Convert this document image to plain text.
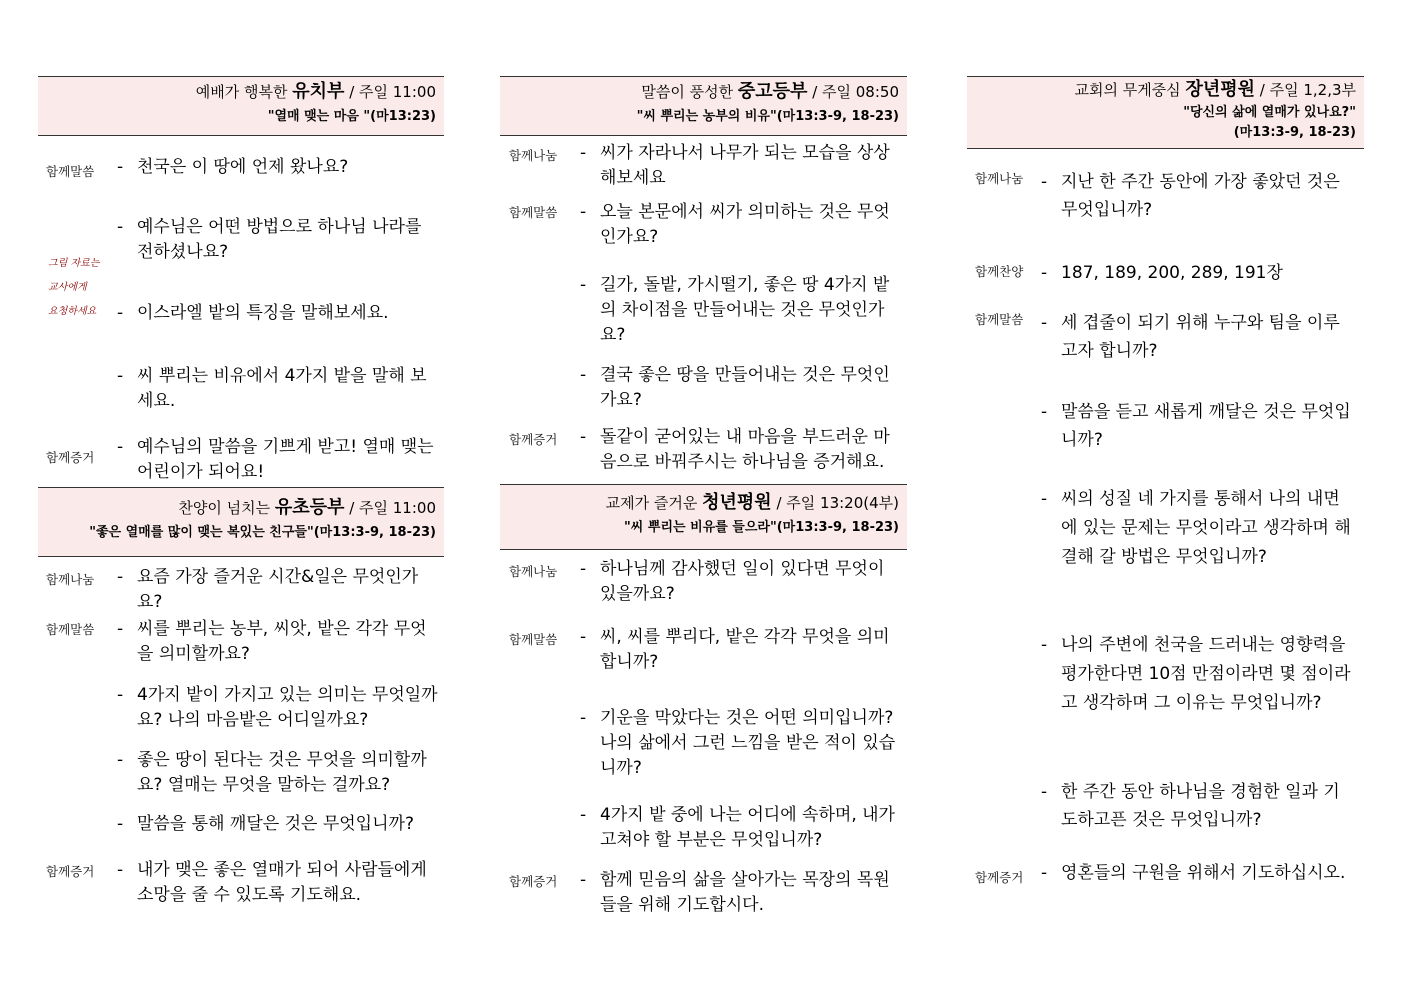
예배가 행복한 유치부 / 주일 11:00
"열매 맺는 마음 "(마13:23)
함께말씀
그림 자료는
교사에게
요청하세요
함께증거
- 천국은 이 땅에 언제 왔나요?
- 예수님은 어떤 방법으로 하나님 나라를 전하셨나요?
- 이스라엘 밭의 특징을 말해보세요.
- 씨 뿌리는 비유에서 4가지 밭을 말해 보세요.
- 예수님의 말씀을 기쁘게 받고! 열매 맺는 어린이가 되어요!
찬양이 넘치는 유초등부 / 주일 11:00
"좋은 열매를 많이 맺는 복있는 친구들"(마13:3-9, 18-23)
함께나눔
함께말씀
함께증거
- 요즘 가장 즐거운 시간&일은 무엇인가요?
- 씨를 뿌리는 농부, 씨앗, 밭은 각각 무엇을 의미할까요?
- 4가지 밭이 가지고 있는 의미는 무엇일까요? 나의 마음밭은 어디일까요?
- 좋은 땅이 된다는 것은 무엇을 의미할까요? 열매는 무엇을 말하는 걸까요?
- 말씀을 통해 깨달은 것은 무엇입니까?
- 내가 맺은 좋은 열매가 되어 사람들에게 소망을 줄 수 있도록 기도해요.
말씀이 풍성한 중고등부 / 주일 08:50
"씨 뿌리는 농부의 비유"(마13:3-9, 18-23)
함께나눔
함께말씀
함께증거
- 씨가 자라나서 나무가 되는 모습을 상상해보세요
- 오늘 본문에서 씨가 의미하는 것은 무엇인가요?
- 길가, 돌밭, 가시떨기, 좋은 땅 4가지 밭의 차이점을 만들어내는 것은 무엇인가요?
- 결국 좋은 땅을 만들어내는 것은 무엇인가요?
- 돌같이 굳어있는 내 마음을 부드러운 마음으로 바꿔주시는 하나님을 증거해요.
교제가 즐거운 청년평원 / 주일 13:20(4부)
"씨 뿌리는 비유를 들으라"(마13:3-9, 18-23)
함께나눔
함께말씀
함께증거
- 하나님께 감사했던 일이 있다면 무엇이 있을까요?
- 씨, 씨를 뿌리다, 밭은 각각 무엇을 의미합니까?
- 기운을 막았다는 것은 어떤 의미입니까? 나의 삶에서 그런 느낌을 받은 적이 있습니까?
- 4가지 밭 중에 나는 어디에 속하며, 내가 고쳐야 할 부분은 무엇입니까?
- 함께 믿음의 삶을 살아가는 목장의 목원들을 위해 기도합시다.
교회의 무게중심 장년평원 / 주일 1,2,3부
"당신의 삶에 열매가 있나요?"
(마13:3-9, 18-23)
함께나눔
함께찬양
함께말씀
함께증거
- 지난 한 주간 동안에 가장 좋았던 것은 무엇입니까?
- 187, 189, 200, 289, 191장
- 세 겹줄이 되기 위해 누구와 팀을 이루고자 합니까?
- 말씀을 듣고 새롭게 깨달은 것은 무엇입니까?
- 씨의 성질 네 가지를 통해서 나의 내면에 있는 문제는 무엇이라고 생각하며 해결해 갈 방법은 무엇입니까?
- 나의 주변에 천국을 드러내는 영향력을 평가한다면 10점 만점이라면 몇 점이라고 생각하며 그 이유는 무엇입니까?
- 한 주간 동안 하나님을 경험한 일과 기도하고픈 것은 무엇입니까?
- 영혼들의 구원을 위해서 기도하십시오.
